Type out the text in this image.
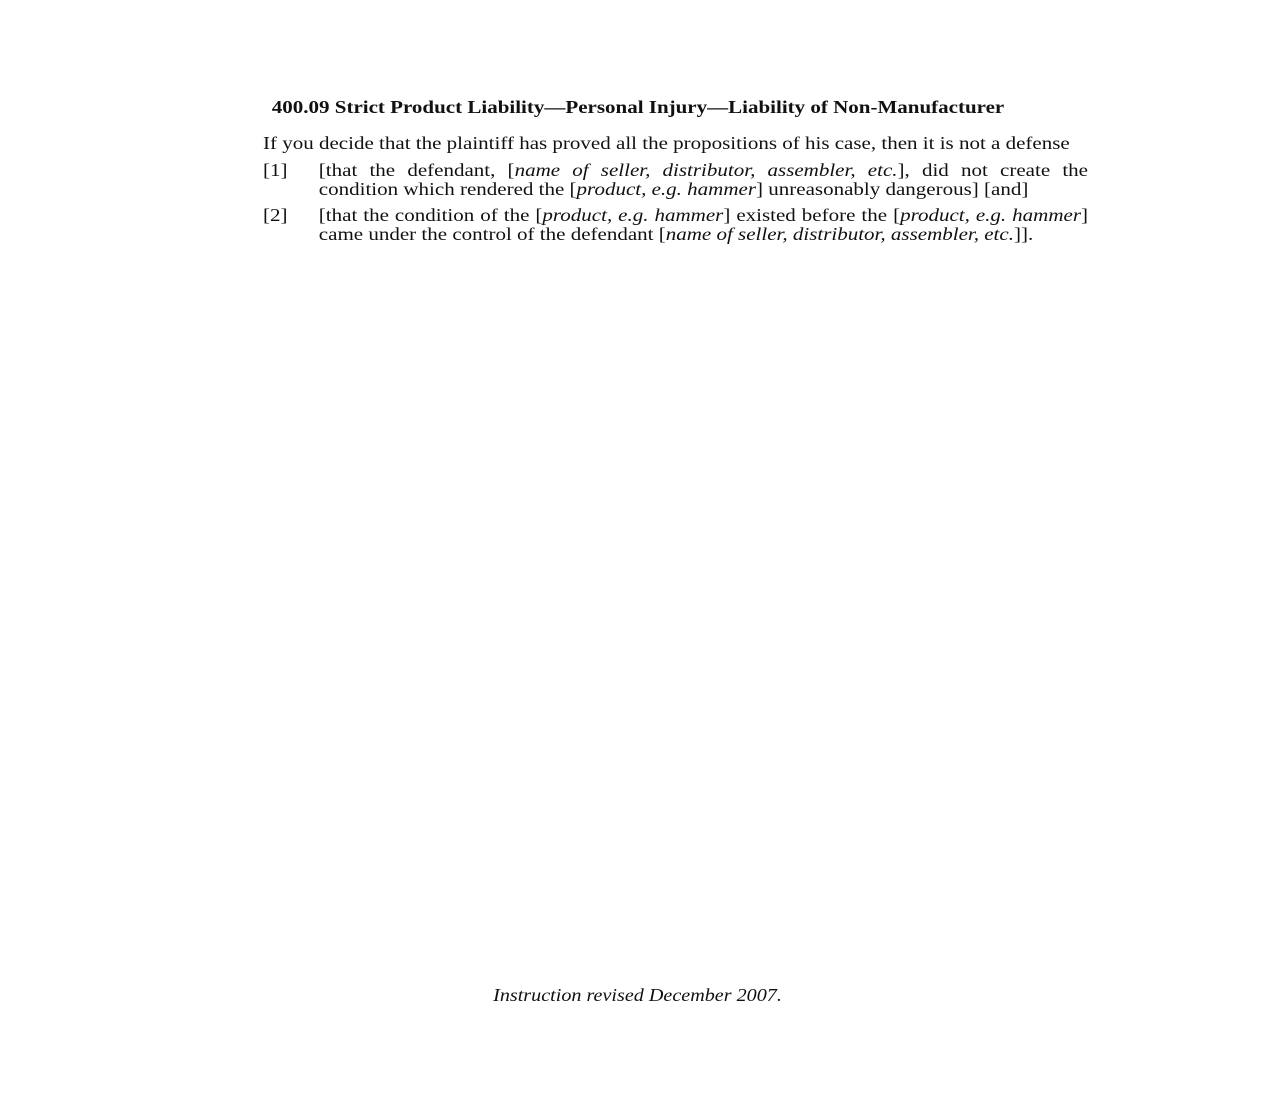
400.09 Strict Product Liability—Personal Injury—Liability of Non-Manufacturer

If you decide that the plaintiff has proved all the propositions of his case, then it is not a defense

[1] [that the defendant, [name of seller, distributor, assembler, etc.], did not create the condition which rendered the [product, e.g. hammer] unreasonably dangerous] [and]
[2] [that the condition of the [product, e.g. hammer] existed before the [product, e.g. hammer] came under the control of the defendant [name of seller, distributor, assembler, etc.]].
Instruction revised December 2007.
